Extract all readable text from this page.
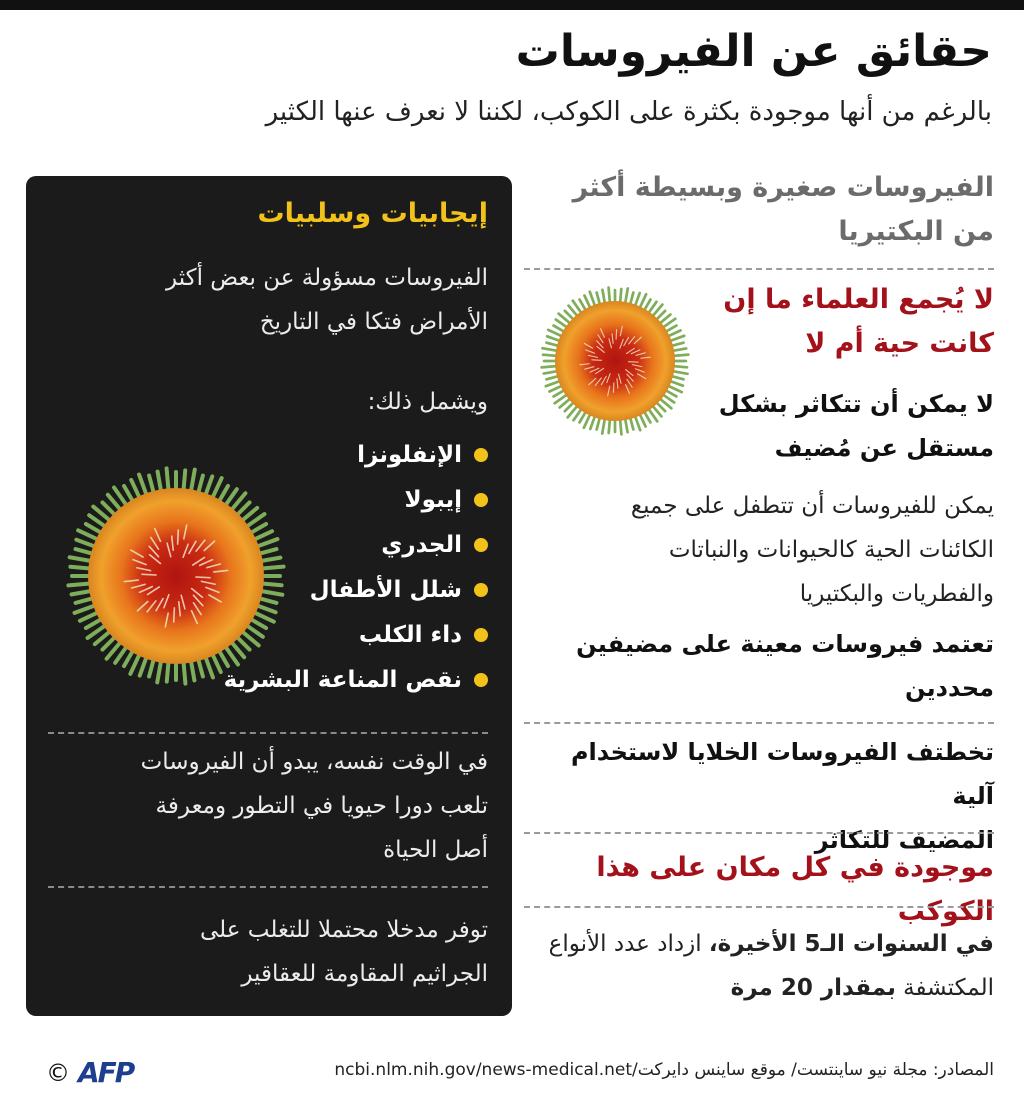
حقائق عن الفيروسات
بالرغم من أنها موجودة بكثرة على الكوكب، لكننا لا نعرف عنها الكثير
إيجابيات وسلبيات
الفيروسات مسؤولة عن بعض أكثر
الأمراض فتكا في التاريخ
ويشمل ذلك:
الإنفلونزا
إيبولا
الجدري
شلل الأطفال
داء الكلب
نقص المناعة البشرية
في الوقت نفسه، يبدو أن الفيروسات
تلعب دورا حيويا في التطور ومعرفة
أصل الحياة
توفر مدخلا محتملا للتغلب على
الجراثيم المقاومة للعقاقير
الفيروسات صغيرة وبسيطة أكثر
من البكتيريا
لا يُجمع العلماء ما إن
كانت حية أم لا
لا يمكن أن تتكاثر بشكل
مستقل عن مُضيف
يمكن للفيروسات أن تتطفل على جميع
الكائنات الحية كالحيوانات والنباتات
والفطريات والبكتيريا
تعتمد فيروسات معينة على مضيفين
محددين
تخطتف الفيروسات الخلايا لاستخدام آلية
المضيف للتكاثر
موجودة في كل مكان على هذا الكوكب
في السنوات الـ5 الأخيرة، ازداد عدد الأنواع
المكتشفة بمقدار 20 مرة
المصادر: مجلة نيو ساينتست/ موقع ساينس دايركت/ncbi.nlm.nih.gov/news-medical.net
© AFP
